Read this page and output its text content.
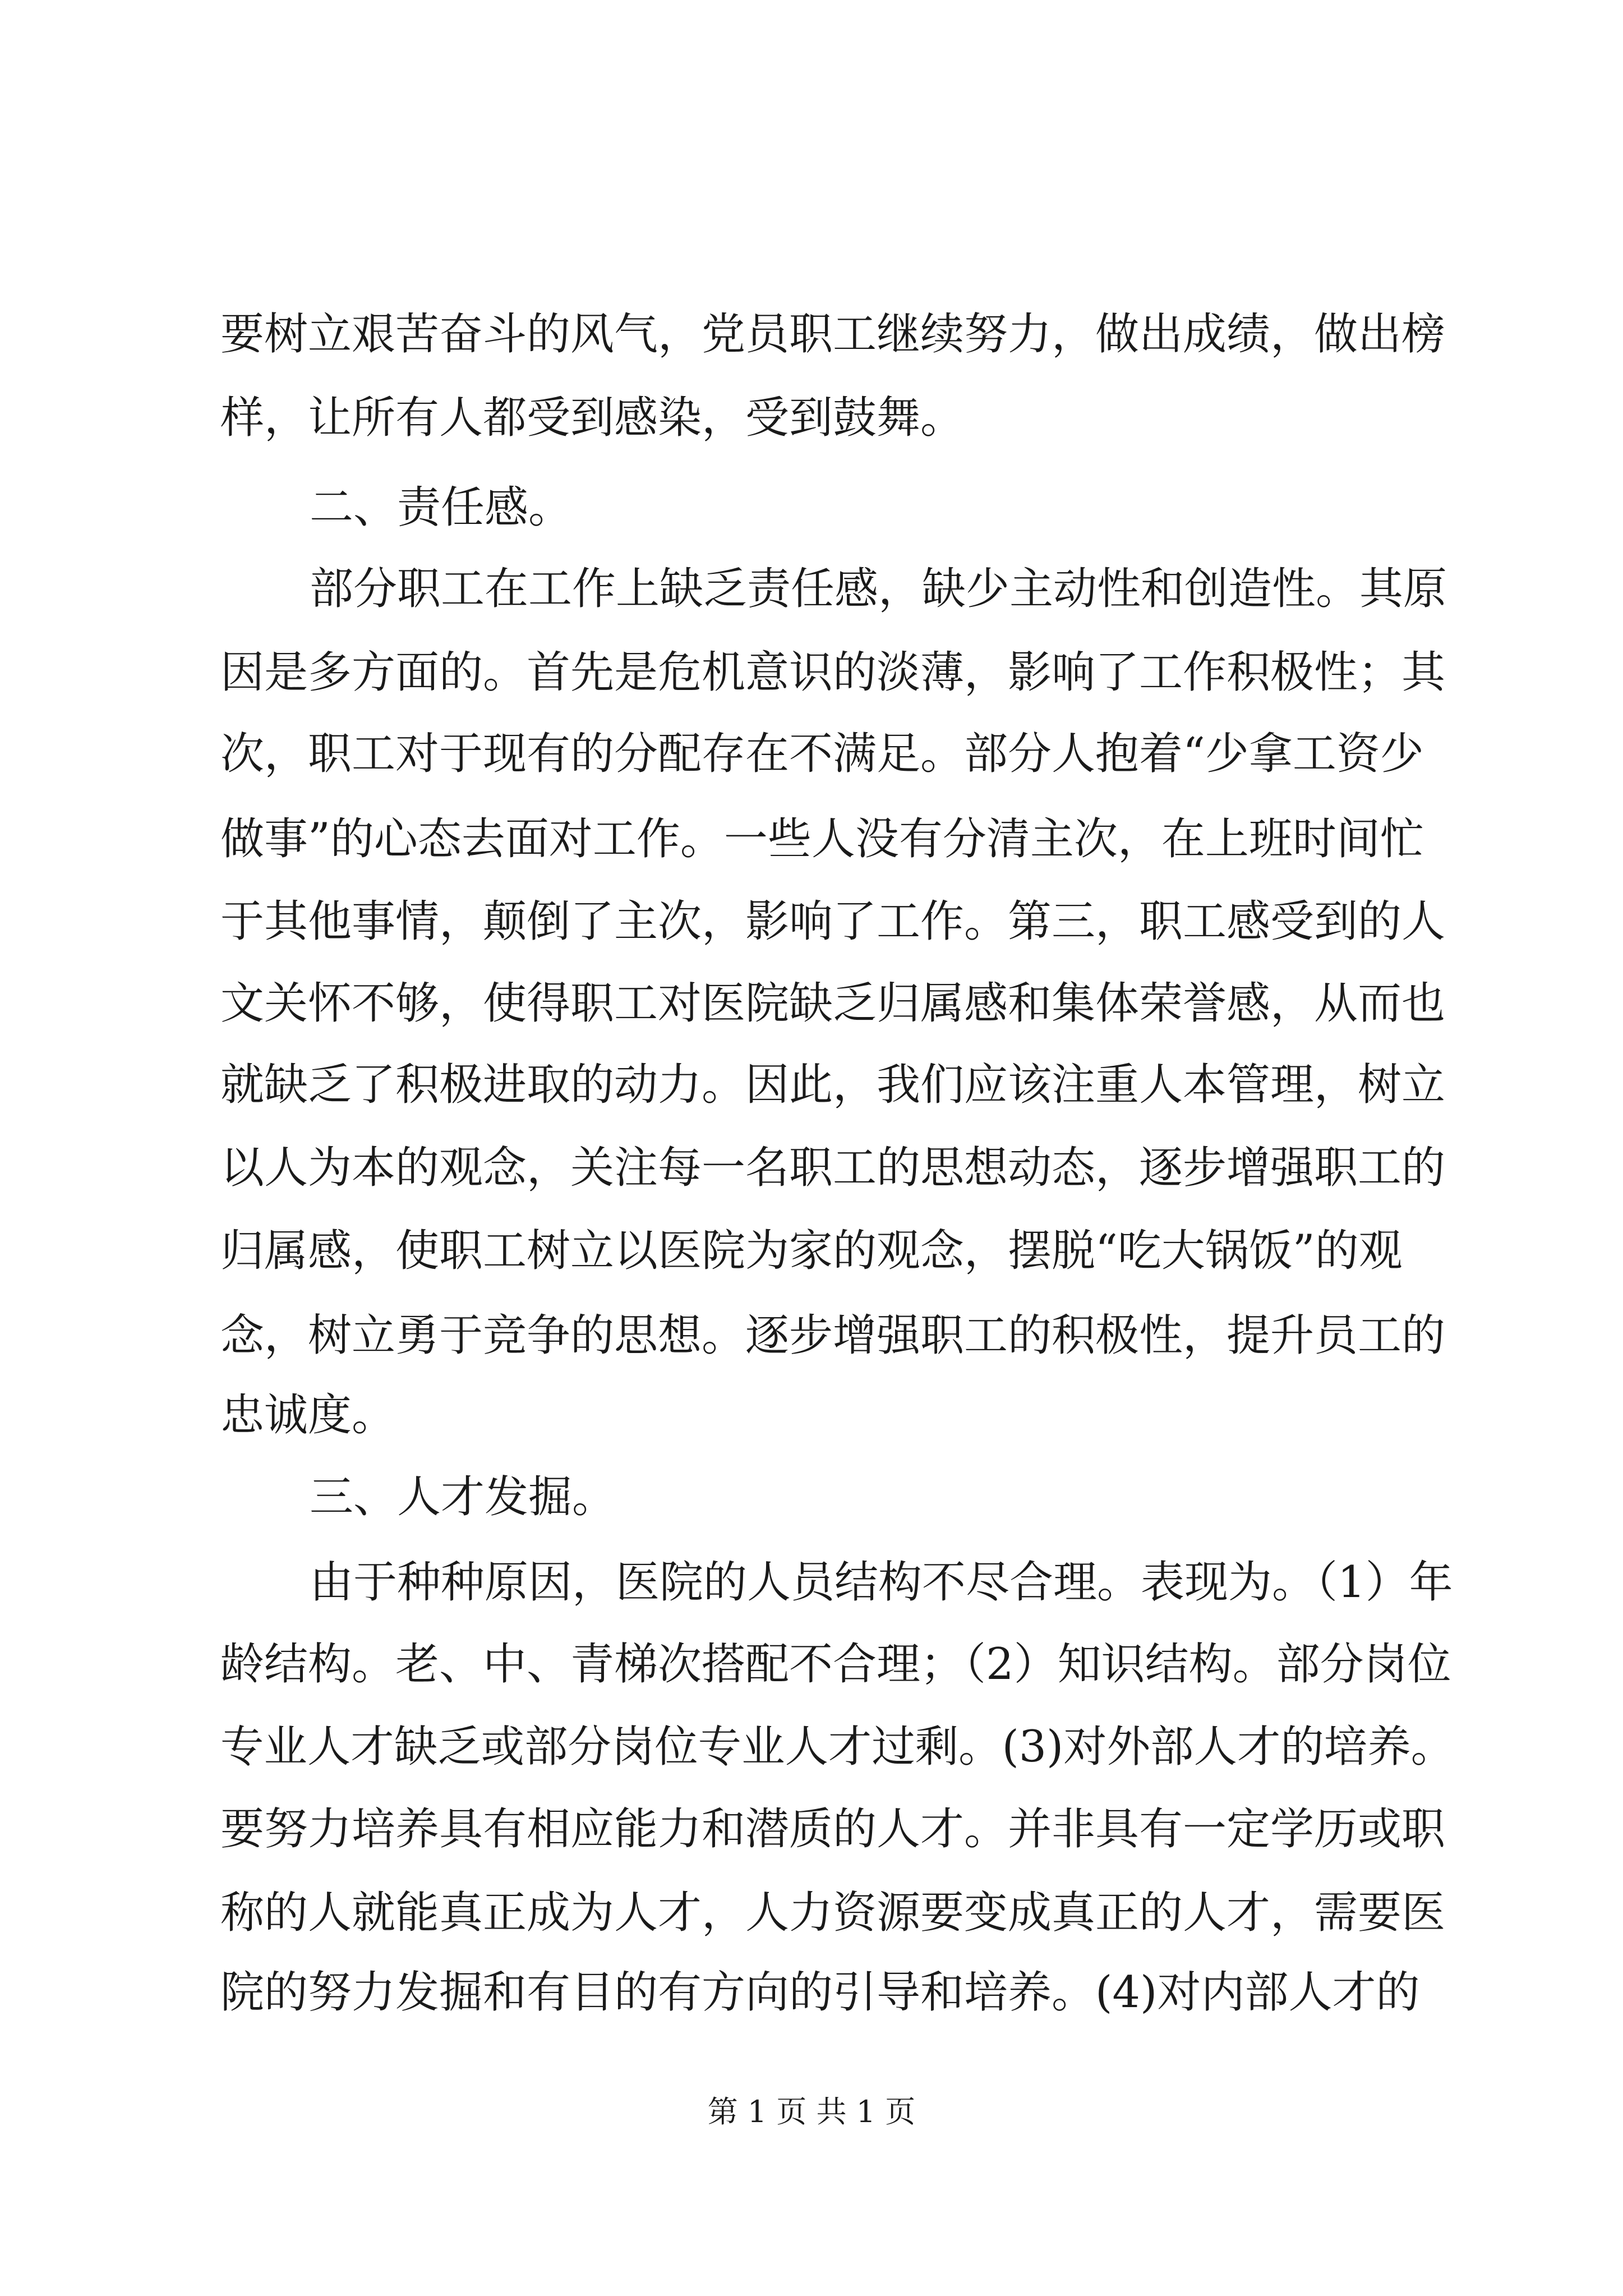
要树立艰苦奋斗的风气，党员职工继续努力，做出成绩，做出榜
样，让所有人都受到感染，受到鼓舞。
二、责任感。
部分职工在工作上缺乏责任感，缺少主动性和创造性。其原
因是多方面的。首先是危机意识的淡薄，影响了工作积极性；其
次，职工对于现有的分配存在不满足。部分人抱着“少拿工资少
做事”的心态去面对工作。一些人没有分清主次，在上班时间忙
于其他事情，颠倒了主次，影响了工作。第三，职工感受到的人
文关怀不够，使得职工对医院缺乏归属感和集体荣誉感，从而也
就缺乏了积极进取的动力。因此，我们应该注重人本管理，树立
以人为本的观念，关注每一名职工的思想动态，逐步增强职工的
归属感，使职工树立以医院为家的观念，摆脱“吃大锅饭”的观
念，树立勇于竞争的思想。逐步增强职工的积极性，提升员工的
忠诚度。
三、人才发掘。
由于种种原因，医院的人员结构不尽合理。表现为。（1）年
龄结构。老、中、青梯次搭配不合理；（2）知识结构。部分岗位
专业人才缺乏或部分岗位专业人才过剩。(3)对外部人才的培养。
要努力培养具有相应能力和潜质的人才。并非具有一定学历或职
称的人就能真正成为人才，人力资源要变成真正的人才，需要医
院的努力发掘和有目的有方向的引导和培养。(4)对内部人才的
第 1 页 共 1 页
